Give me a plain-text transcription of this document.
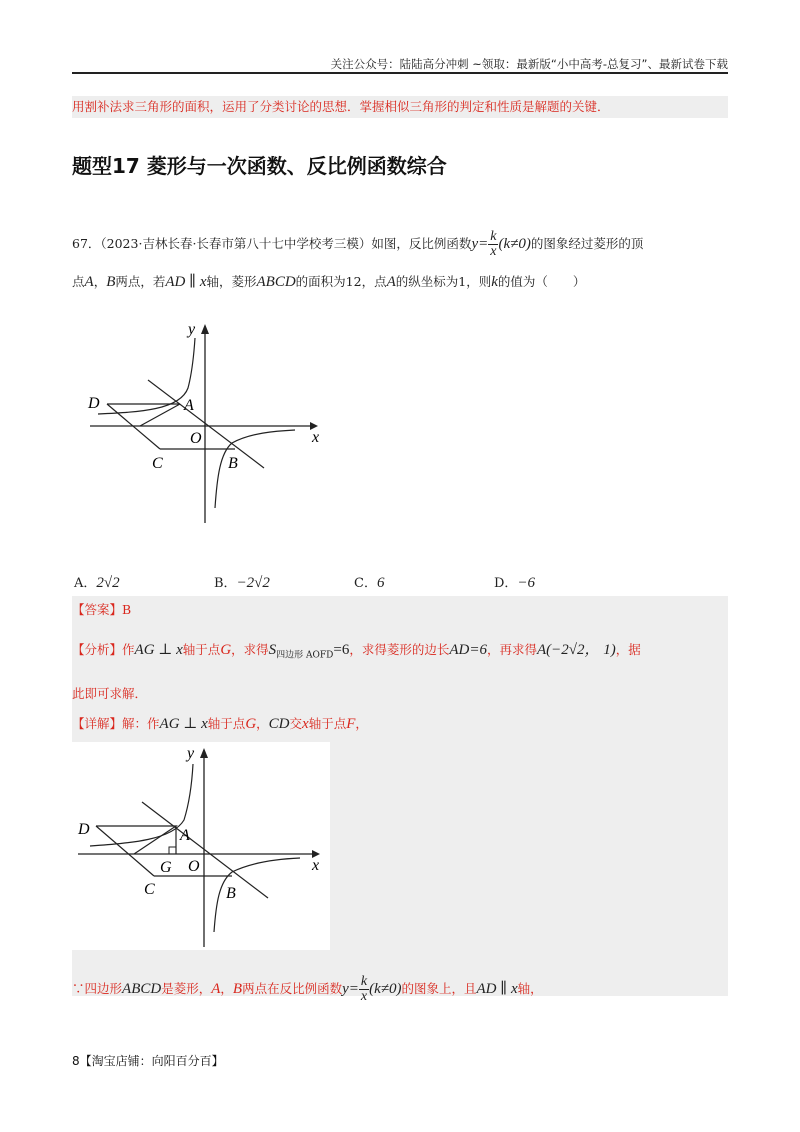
关注公众号：陆陆高分冲刺 ~领取：最新版“小中高考-总复习”、最新试卷下载
用割补法求三角形的面积，运用了分类讨论的思想．掌握相似三角形的判定和性质是解题的关键．
题型17 菱形与一次函数、反比例函数综合
67．（2023·吉林长春·长春市第八十七中学校考三模）如图，反比例函数$y= \frac{k}{x} (k\ne 0)$的图象经过菱形的顶
点A，B两点，若AD ∥ x轴，菱形ABCD的面积为12，点A的纵坐标为1，则k的值为（　　）
y
x
D	A
O
C	B
A．2√2	B．−2√2	C．6	D．−6
【答案】B
【分析】作AG ⊥ x轴于点G，求得$S_{四边形 AOFD}=6$，求得菱形的边长AD=6，再求得A(−2√2， 1)，据
此即可求解．
【详解】解：作AG ⊥ x轴于点G，CD交x轴于点F，
y
x
D	A
G O
C	B
∵四边形ABCD是菱形，A，B两点在反比例函数$y= \frac{k}{x} (k\ne 0)$的图象上，且AD ∥ x轴，
8【淘宝店铺：向阳百分百】
